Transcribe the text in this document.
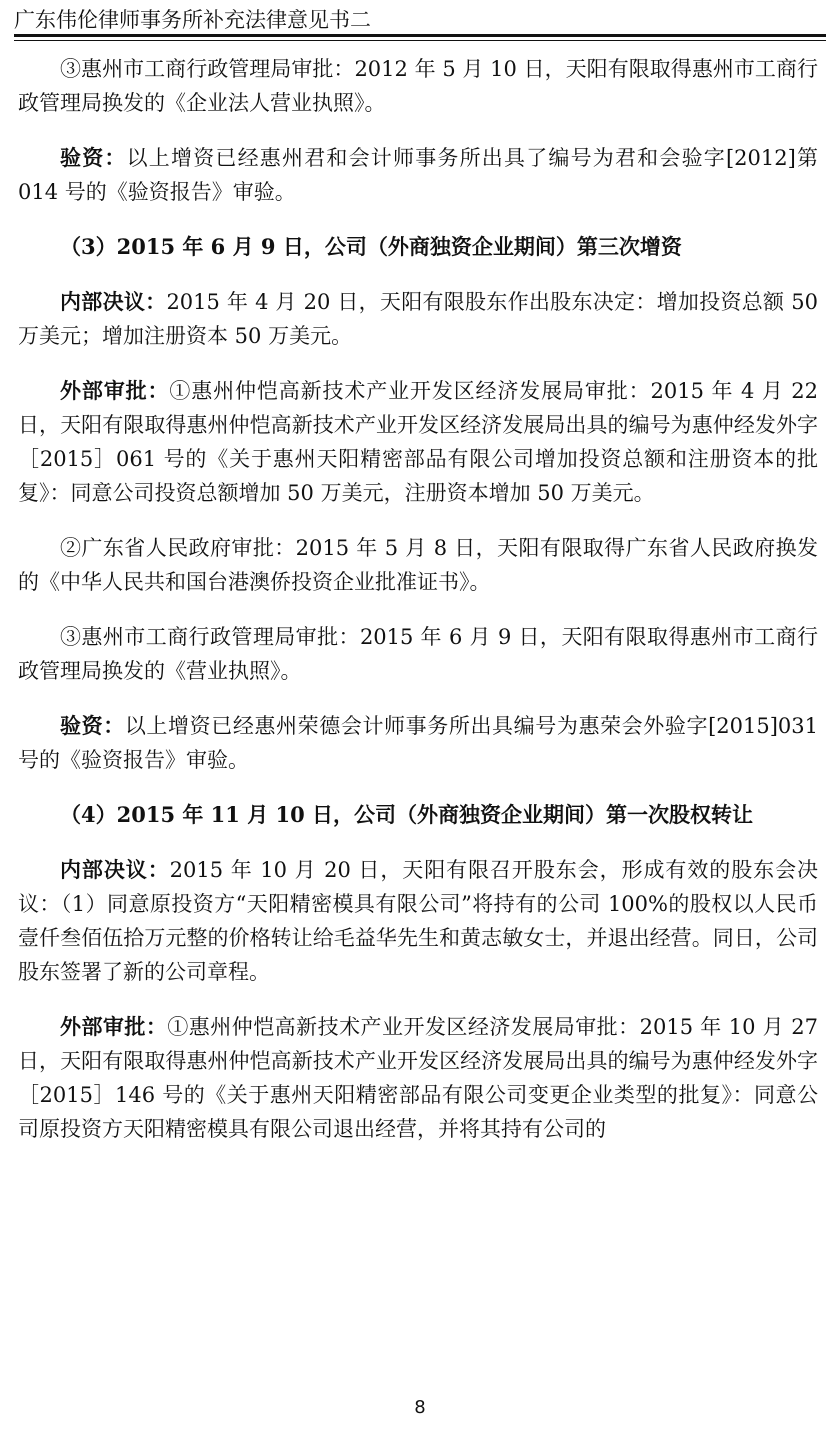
广东伟伦律师事务所补充法律意见书二

③惠州市工商行政管理局审批：2012 年 5 月 10 日，天阳有限取得惠州市工商行政管理局换发的《企业法人营业执照》。

验资：以上增资已经惠州君和会计师事务所出具了编号为君和会验字[2012]第 014 号的《验资报告》审验。

（3）2015 年 6 月 9 日，公司（外商独资企业期间）第三次增资

内部决议：2015 年 4 月 20 日，天阳有限股东作出股东决定：增加投资总额 50 万美元；增加注册资本 50 万美元。

外部审批：①惠州仲恺高新技术产业开发区经济发展局审批：2015 年 4 月 22 日，天阳有限取得惠州仲恺高新技术产业开发区经济发展局出具的编号为惠仲经发外字［2015］061 号的《关于惠州天阳精密部品有限公司增加投资总额和注册资本的批复》：同意公司投资总额增加 50 万美元，注册资本增加 50 万美元。

②广东省人民政府审批：2015 年 5 月 8 日，天阳有限取得广东省人民政府换发的《中华人民共和国台港澳侨投资企业批准证书》。

③惠州市工商行政管理局审批：2015 年 6 月 9 日，天阳有限取得惠州市工商行政管理局换发的《营业执照》。

验资：以上增资已经惠州荣德会计师事务所出具编号为惠荣会外验字[2015]031 号的《验资报告》审验。

（4）2015 年 11 月 10 日，公司（外商独资企业期间）第一次股权转让

内部决议：2015 年 10 月 20 日，天阳有限召开股东会，形成有效的股东会决议：（1）同意原投资方“天阳精密模具有限公司”将持有的公司 100%的股权以人民币壹仟叁佰伍拾万元整的价格转让给毛益华先生和黄志敏女士，并退出经营。同日，公司股东签署了新的公司章程。

外部审批：①惠州仲恺高新技术产业开发区经济发展局审批：2015 年 10 月 27 日，天阳有限取得惠州仲恺高新技术产业开发区经济发展局出具的编号为惠仲经发外字［2015］146 号的《关于惠州天阳精密部品有限公司变更企业类型的批复》：同意公司原投资方天阳精密模具有限公司退出经营，并将其持有公司的

8
